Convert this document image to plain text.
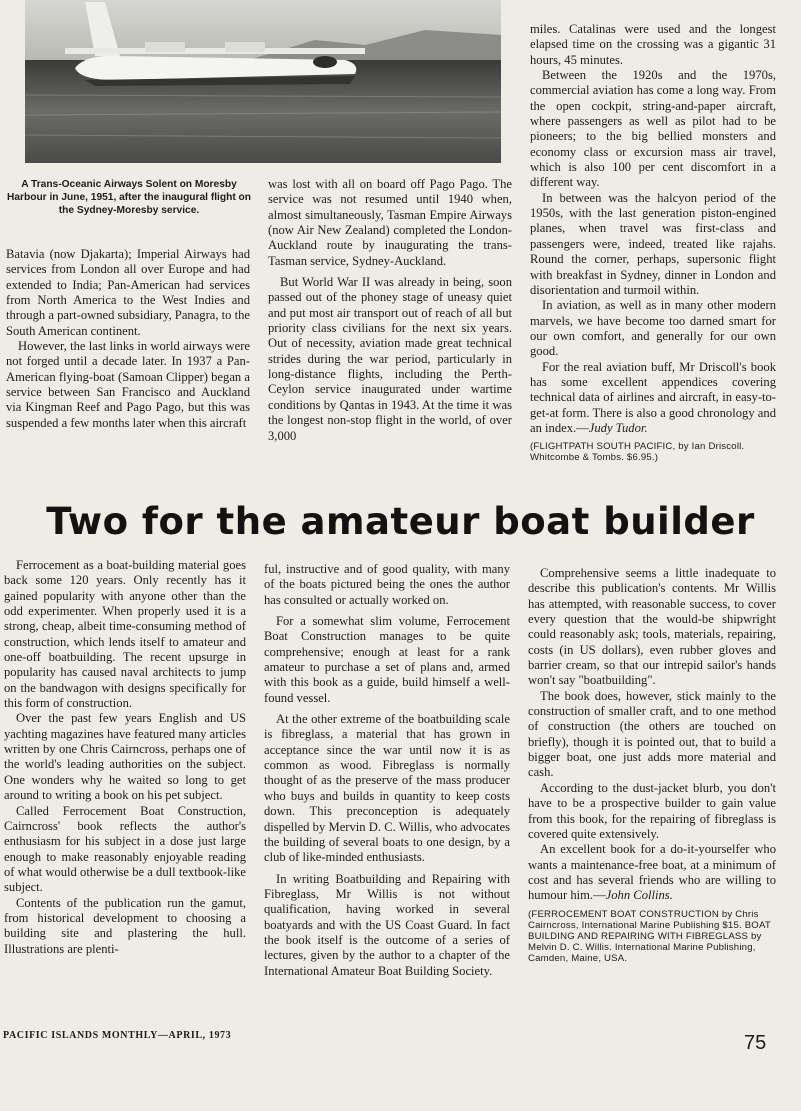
A Trans-Oceanic Airways Solent on Moresby Harbour in June, 1951, after the inaugural flight on the Sydney-Moresby service.

Batavia (now Djakarta); Imperial Airways had services from London all over Europe and had extended to India; Pan-American had services from North America to the West Indies and through a part-owned subsidiary, Panagra, to the South American continent.

However, the last links in world airways were not forged until a decade later. In 1937 a Pan-American flying-boat (Samoan Clipper) began a service between San Francisco and Auckland via Kingman Reef and Pago Pago, but this was suspended a few months later when this aircraft

was lost with all on board off Pago Pago. The service was not resumed until 1940 when, almost simultaneously, Tasman Empire Airways (now Air New Zealand) completed the London-Auckland route by inaugurating the trans-Tasman service, Sydney-Auckland.

But World War II was already in being, soon passed out of the phoney stage of uneasy quiet and put most air transport out of reach of all but priority class civilians for the next six years. Out of necessity, aviation made great technical strides during the war period, particularly in long-distance flights, including the Perth-Ceylon service inaugurated under wartime conditions by Qantas in 1943. At the time it was the longest non-stop flight in the world, of over 3,000

miles. Catalinas were used and the longest elapsed time on the crossing was a gigantic 31 hours, 45 minutes.

Between the 1920s and the 1970s, commercial aviation has come a long way. From the open cockpit, string-and-paper aircraft, where passengers as well as pilot had to be pioneers; to the big bellied monsters and economy class or excursion mass air travel, which is also 100 per cent discomfort in a different way.

In between was the halcyon period of the 1950s, with the last generation piston-engined planes, when travel was first-class and passengers were, indeed, treated like rajahs. Round the corner, perhaps, supersonic flight with breakfast in Sydney, dinner in London and disorientation and turmoil within.

In aviation, as well as in many other modern marvels, we have become too darned smart for our own comfort, and generally for our own good.

For the real aviation buff, Mr Driscoll's book has some excellent appendices covering technical data of airlines and aircraft, in easy-to-get-at form. There is also a good chronology and an index.—Judy Tudor.

(FLIGHTPATH SOUTH PACIFIC, by Ian Driscoll. Whitcombe & Tombs. $6.95.)

Two for the amateur boat builder

Ferrocement as a boat-building material goes back some 120 years. Only recently has it gained popularity with anyone other than the odd experimenter. When properly used it is a strong, cheap, albeit time-consuming method of construction, which lends itself to amateur and one-off boatbuilding. The recent upsurge in popularity has caused naval architects to jump on the bandwagon with designs specifically for this form of construction.

Over the past few years English and US yachting magazines have featured many articles written by one Chris Cairncross, perhaps one of the world's leading authorities on the subject. One wonders why he waited so long to get around to writing a book on his pet subject.

Called Ferrocement Boat Construction, Cairncross' book reflects the author's enthusiasm for his subject in a dose just large enough to make reasonably enjoyable reading of what would otherwise be a dull textbook-like subject.

Contents of the publication run the gamut, from historical development to choosing a building site and plastering the hull. Illustrations are plenti-

ful, instructive and of good quality, with many of the boats pictured being the ones the author has consulted or actually worked on.

For a somewhat slim volume, Ferrocement Boat Construction manages to be quite comprehensive; enough at least for a rank amateur to purchase a set of plans and, armed with this book as a guide, build himself a well-found vessel.

At the other extreme of the boatbuilding scale is fibreglass, a material that has grown in acceptance since the war until now it is as common as wood. Fibreglass is normally thought of as the preserve of the mass producer who buys and builds in quantity to keep costs down. This preconception is adequately dispelled by Mervin D. C. Willis, who advocates the building of several boats to one design, by a club of like-minded enthusiasts.

In writing Boatbuilding and Repairing with Fibreglass, Mr Willis is not without qualification, having worked in several boatyards and with the US Coast Guard. In fact the book itself is the outcome of a series of lectures, given by the author to a chapter of the International Amateur Boat Building Society.

Comprehensive seems a little inadequate to describe this publication's contents. Mr Willis has attempted, with reasonable success, to cover every question that the would-be shipwright could reasonably ask; tools, materials, repairing, costs (in US dollars), even rubber gloves and barrier cream, so that our intrepid sailor's hands won't say "boatbuilding".

The book does, however, stick mainly to the construction of smaller craft, and to one method of construction (the others are touched on briefly), though it is pointed out, that to build a bigger boat, one just adds more material and cash.

According to the dust-jacket blurb, you don't have to be a prospective builder to gain value from this book, for the repairing of fibreglass is covered quite extensively.

An excellent book for a do-it-yourselfer who wants a maintenance-free boat, at a minimum of cost and has several friends who are willing to humour him.—John Collins.

(FERROCEMENT BOAT CONSTRUCTION by Chris Cairncross, International Marine Publishing $15. BOAT BUILDING AND REPAIRING WITH FIBREGLASS by Melvin D. C. Willis. International Marine Publishing, Camden, Maine, USA.

PACIFIC ISLANDS MONTHLY—APRIL, 1973	75
